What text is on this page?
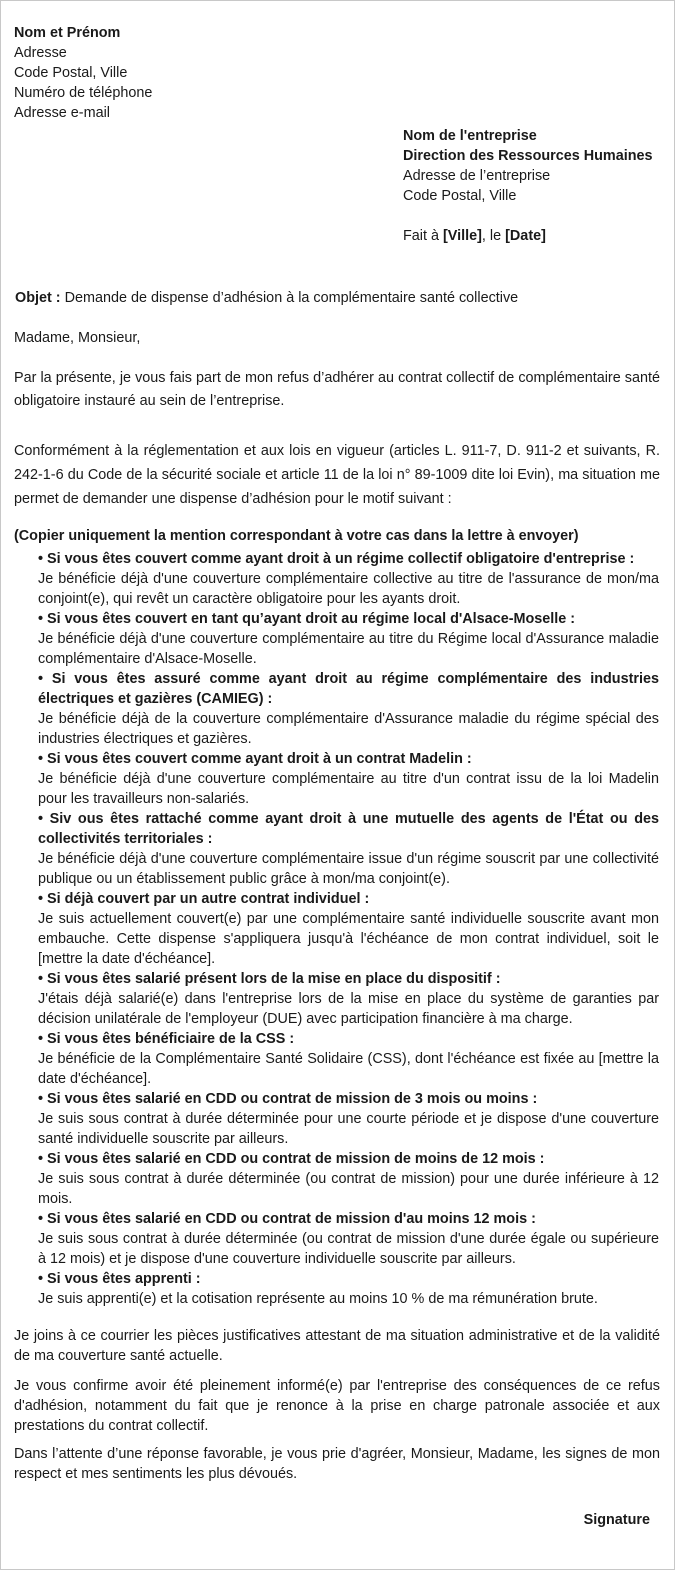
Nom et Prénom
Adresse
Code Postal, Ville
Numéro de téléphone
Adresse e-mail
Nom de l'entreprise
Direction des Ressources Humaines
Adresse de l’entreprise
Code Postal, Ville
Fait à [Ville], le [Date]
Objet : Demande de dispense d’adhésion à la complémentaire santé collective
Madame, Monsieur,
Par la présente, je vous fais part de mon refus d’adhérer au contrat collectif de complémentaire santé obligatoire instauré au sein de l’entreprise.
Conformément à la réglementation et aux lois en vigueur (articles L. 911-7, D. 911-2 et suivants, R. 242-1-6 du Code de la sécurité sociale et article 11 de la loi n° 89-1009 dite loi Evin), ma situation me permet de demander une dispense d’adhésion pour le motif suivant :
(Copier uniquement la mention correspondant à votre cas dans la lettre à envoyer)
• Si vous êtes couvert comme ayant droit à un régime collectif obligatoire d'entreprise :
Je bénéficie déjà d'une couverture complémentaire collective au titre de l'assurance de mon/ma conjoint(e), qui revêt un caractère obligatoire pour les ayants droit.
• Si vous êtes couvert en tant qu’ayant droit au régime local d'Alsace-Moselle :
Je bénéficie déjà d'une couverture complémentaire au titre du Régime local d'Assurance maladie complémentaire d'Alsace-Moselle.
• Si vous êtes assuré comme ayant droit au régime complémentaire des industries électriques et gazières (CAMIEG) :
Je bénéficie déjà de la couverture complémentaire d'Assurance maladie du régime spécial des industries électriques et gazières.
• Si vous êtes couvert comme ayant droit à un contrat Madelin :
Je bénéficie déjà d'une couverture complémentaire au titre d'un contrat issu de la loi Madelin pour les travailleurs non-salariés.
• Siv ous êtes rattaché comme ayant droit à une mutuelle des agents de l'État ou des collectivités territoriales :
Je bénéficie déjà d'une couverture complémentaire issue d'un régime souscrit par une collectivité publique ou un établissement public grâce à mon/ma conjoint(e).
• Si déjà couvert par un autre contrat individuel :
Je suis actuellement couvert(e) par une complémentaire santé individuelle souscrite avant mon embauche. Cette dispense s'appliquera jusqu'à l'échéance de mon contrat individuel, soit le [mettre la date d'échéance].
• Si vous êtes salarié présent lors de la mise en place du dispositif :
J'étais déjà salarié(e) dans l'entreprise lors de la mise en place du système de garanties par décision unilatérale de l'employeur (DUE) avec participation financière à ma charge.
• Si vous êtes bénéficiaire de la CSS :
Je bénéficie de la Complémentaire Santé Solidaire (CSS), dont l'échéance est fixée au [mettre la date d'échéance].
• Si vous êtes salarié en CDD ou contrat de mission de 3 mois ou moins :
Je suis sous contrat à durée déterminée pour une courte période et je dispose d'une couverture santé individuelle souscrite par ailleurs.
• Si vous êtes salarié en CDD ou contrat de mission de moins de 12 mois :
Je suis sous contrat à durée déterminée (ou contrat de mission) pour une durée inférieure à 12 mois.
• Si vous êtes salarié en CDD ou contrat de mission d'au moins 12 mois :
Je suis sous contrat à durée déterminée (ou contrat de mission d'une durée égale ou supérieure à 12 mois) et je dispose d'une couverture individuelle souscrite par ailleurs.
• Si vous êtes apprenti :
Je suis apprenti(e) et la cotisation représente au moins 10 % de ma rémunération brute.
Je joins à ce courrier les pièces justificatives attestant de ma situation administrative et de la validité de ma couverture santé actuelle.
Je vous confirme avoir été pleinement informé(e) par l'entreprise des conséquences de ce refus d'adhésion, notamment du fait que je renonce à la prise en charge patronale associée et aux prestations du contrat collectif.
Dans l’attente d’une réponse favorable, je vous prie d'agréer, Monsieur, Madame, les signes de mon respect et mes sentiments les plus dévoués.
Signature
